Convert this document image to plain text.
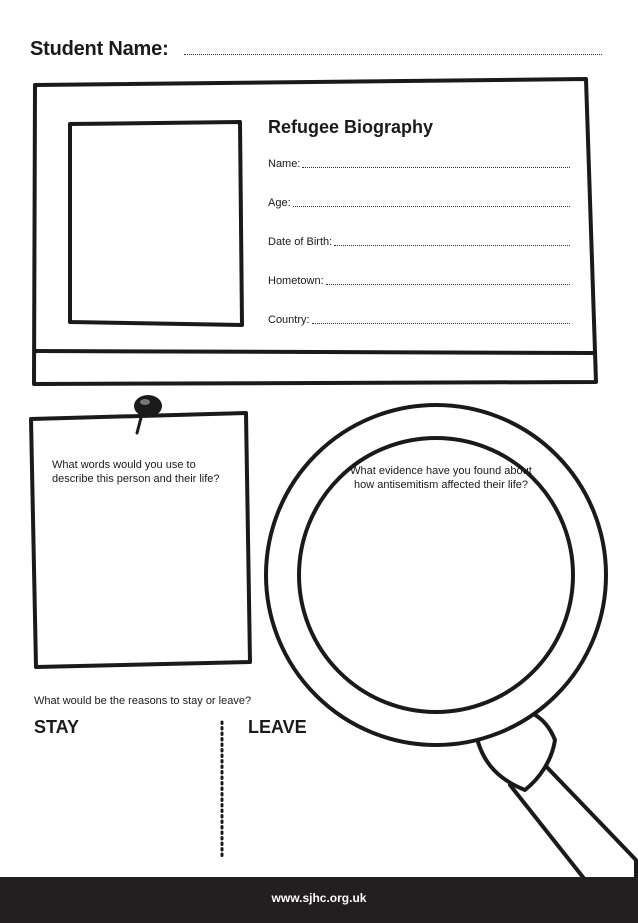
Student Name:
Refugee Biography
Name:
Age:
Date of Birth:
Hometown:
Country:
What words would you use to describe this person and their life?
What evidence have you found about how antisemitism affected their life?
What would be the reasons to stay or leave?
STAY	LEAVE
www.sjhc.org.uk
